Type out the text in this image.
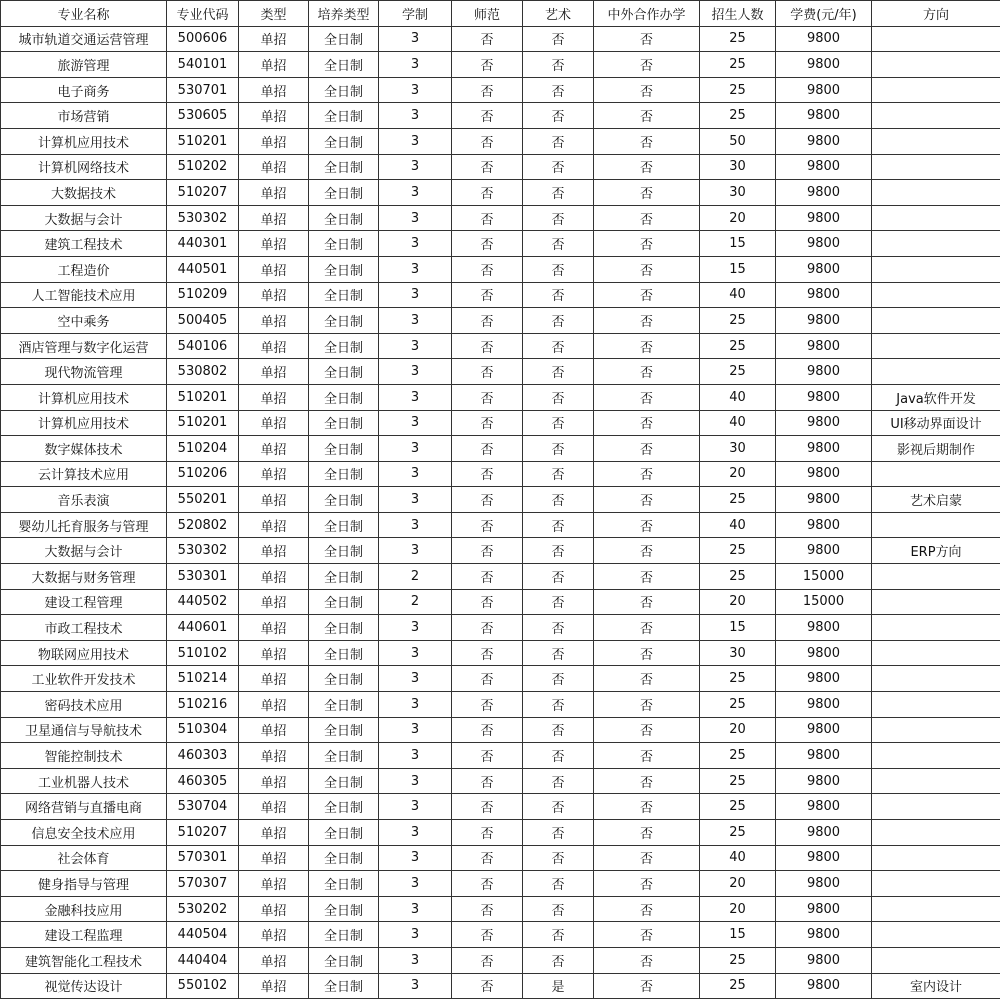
专业名称	专业代码	类型	培养类型	学制	师范	艺术	中外合作办学	招生人数	学费(元/年)	方向
城市轨道交通运营管理	500606	单招	全日制	3	否	否	否	25	9800	
旅游管理	540101	单招	全日制	3	否	否	否	25	9800	
电子商务	530701	单招	全日制	3	否	否	否	25	9800	
市场营销	530605	单招	全日制	3	否	否	否	25	9800	
计算机应用技术	510201	单招	全日制	3	否	否	否	50	9800	
计算机网络技术	510202	单招	全日制	3	否	否	否	30	9800	
大数据技术	510207	单招	全日制	3	否	否	否	30	9800	
大数据与会计	530302	单招	全日制	3	否	否	否	20	9800	
建筑工程技术	440301	单招	全日制	3	否	否	否	15	9800	
工程造价	440501	单招	全日制	3	否	否	否	15	9800	
人工智能技术应用	510209	单招	全日制	3	否	否	否	40	9800	
空中乘务	500405	单招	全日制	3	否	否	否	25	9800	
酒店管理与数字化运营	540106	单招	全日制	3	否	否	否	25	9800	
现代物流管理	530802	单招	全日制	3	否	否	否	25	9800	
计算机应用技术	510201	单招	全日制	3	否	否	否	40	9800	Java软件开发
计算机应用技术	510201	单招	全日制	3	否	否	否	40	9800	UI移动界面设计
数字媒体技术	510204	单招	全日制	3	否	否	否	30	9800	影视后期制作
云计算技术应用	510206	单招	全日制	3	否	否	否	20	9800	
音乐表演	550201	单招	全日制	3	否	否	否	25	9800	艺术启蒙
婴幼儿托育服务与管理	520802	单招	全日制	3	否	否	否	40	9800	
大数据与会计	530302	单招	全日制	3	否	否	否	25	9800	ERP方向
大数据与财务管理	530301	单招	全日制	2	否	否	否	25	15000	
建设工程管理	440502	单招	全日制	2	否	否	否	20	15000	
市政工程技术	440601	单招	全日制	3	否	否	否	15	9800	
物联网应用技术	510102	单招	全日制	3	否	否	否	30	9800	
工业软件开发技术	510214	单招	全日制	3	否	否	否	25	9800	
密码技术应用	510216	单招	全日制	3	否	否	否	25	9800	
卫星通信与导航技术	510304	单招	全日制	3	否	否	否	20	9800	
智能控制技术	460303	单招	全日制	3	否	否	否	25	9800	
工业机器人技术	460305	单招	全日制	3	否	否	否	25	9800	
网络营销与直播电商	530704	单招	全日制	3	否	否	否	25	9800	
信息安全技术应用	510207	单招	全日制	3	否	否	否	25	9800	
社会体育	570301	单招	全日制	3	否	否	否	40	9800	
健身指导与管理	570307	单招	全日制	3	否	否	否	20	9800	
金融科技应用	530202	单招	全日制	3	否	否	否	20	9800	
建设工程监理	440504	单招	全日制	3	否	否	否	15	9800	
建筑智能化工程技术	440404	单招	全日制	3	否	否	否	25	9800	
视觉传达设计	550102	单招	全日制	3	否	是	否	25	9800	室内设计
